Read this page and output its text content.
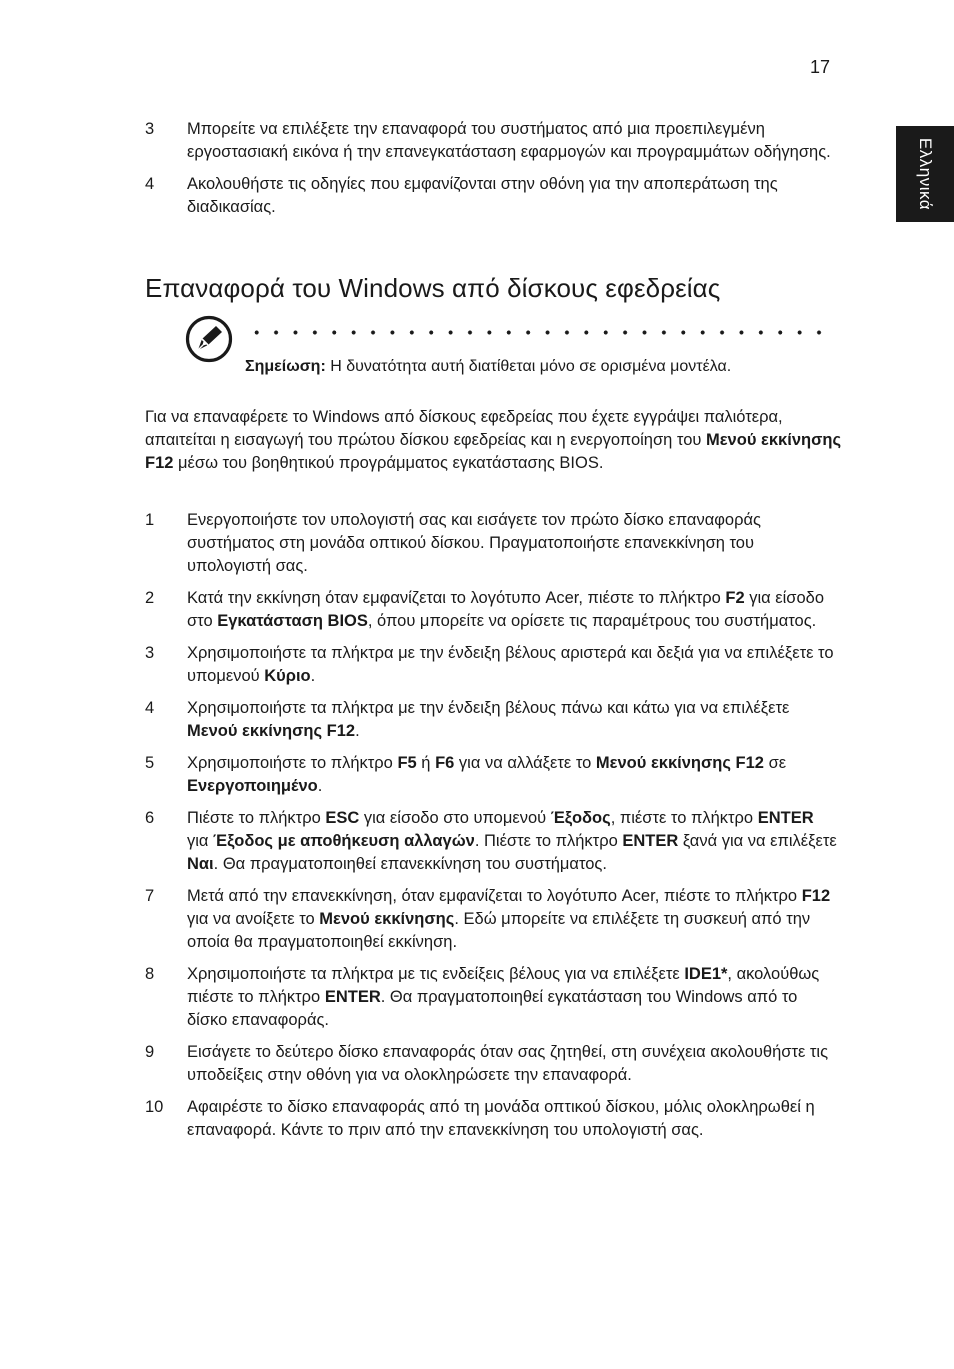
17
Ελληνικά
3	Μπορείτε να επιλέξετε την επαναφορά του συστήματος από μια προεπιλεγμένη εργοστασιακή εικόνα ή την επανεγκατάσταση εφαρμογών και προγραμμάτων οδήγησης.
4	Ακολουθήστε τις οδηγίες που εμφανίζονται στην οθόνη για την αποπεράτωση της διαδικασίας.
Επαναφορά του Windows από δίσκους εφεδρείας
Σημείωση: Η δυνατότητα αυτή διατίθεται μόνο σε ορισμένα μοντέλα.

Για να επαναφέρετε το Windows από δίσκους εφεδρείας που έχετε εγγράψει παλιότερα, απαιτείται η εισαγωγή του πρώτου δίσκου εφεδρείας και η ενεργοποίηση του Μενού εκκίνησης F12 μέσω του βοηθητικού προγράμματος εγκατάστασης BIOS.

1	Ενεργοποιήστε τον υπολογιστή σας και εισάγετε τον πρώτο δίσκο επαναφοράς συστήματος στη μονάδα οπτικού δίσκου. Πραγματοποιήστε επανεκκίνηση του υπολογιστή σας.
2	Κατά την εκκίνηση όταν εμφανίζεται το λογότυπο Acer, πιέστε το πλήκτρο F2 για είσοδο στο Εγκατάσταση BIOS, όπου μπορείτε να ορίσετε τις παραμέτρους του συστήματος.
3	Χρησιμοποιήστε τα πλήκτρα με την ένδειξη βέλους αριστερά και δεξιά για να επιλέξετε το υπομενού Κύριο.
4	Χρησιμοποιήστε τα πλήκτρα με την ένδειξη βέλους πάνω και κάτω για να επιλέξετε Μενού εκκίνησης F12.
5	Χρησιμοποιήστε το πλήκτρο F5 ή F6 για να αλλάξετε το Μενού εκκίνησης F12 σε Ενεργοποιημένο.
6	Πιέστε το πλήκτρο ESC για είσοδο στο υπομενού Έξοδος, πιέστε το πλήκτρο ENTER για Έξοδος με αποθήκευση αλλαγών. Πιέστε το πλήκτρο ENTER ξανά για να επιλέξετε Ναι. Θα πραγματοποιηθεί επανεκκίνηση του συστήματος.
7	Μετά από την επανεκκίνηση, όταν εμφανίζεται το λογότυπο Acer, πιέστε το πλήκτρο F12 για να ανοίξετε το Μενού εκκίνησης. Εδώ μπορείτε να επιλέξετε τη συσκευή από την οποία θα πραγματοποιηθεί εκκίνηση.
8	Χρησιμοποιήστε τα πλήκτρα με τις ενδείξεις βέλους για να επιλέξετε IDE1*, ακολούθως πιέστε το πλήκτρο ENTER. Θα πραγματοποιηθεί εγκατάσταση του Windows από το δίσκο επαναφοράς.
9	Εισάγετε το δεύτερο δίσκο επαναφοράς όταν σας ζητηθεί, στη συνέχεια ακολουθήστε τις υποδείξεις στην οθόνη για να ολοκληρώσετε την επαναφορά.
10	Αφαιρέστε το δίσκο επαναφοράς από τη μονάδα οπτικού δίσκου, μόλις ολοκληρωθεί η επαναφορά. Κάντε το πριν από την επανεκκίνηση του υπολογιστή σας.
